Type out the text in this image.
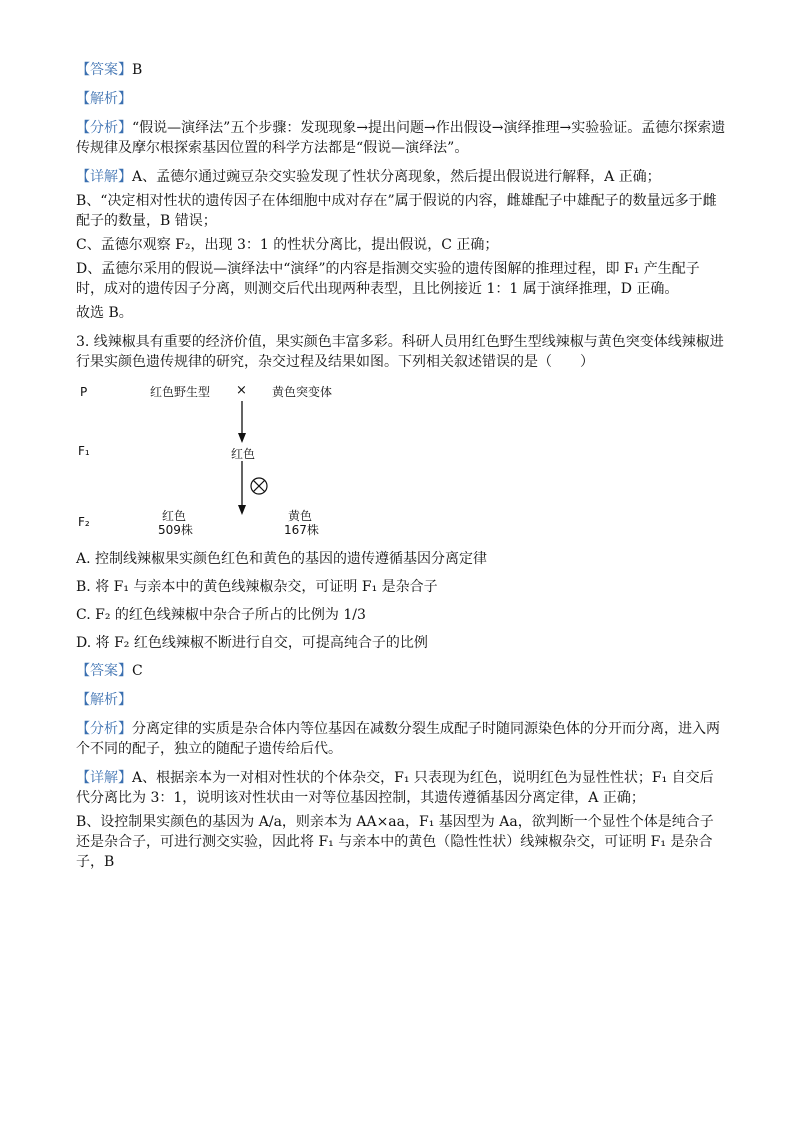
【答案】B

【解析】

【分析】“假说—演绎法”五个步骤：发现现象→提出问题→作出假设→演绎推理→实验验证。孟德尔探索遗传规律及摩尔根探索基因位置的科学方法都是“假说—演绎法”。

【详解】A、孟德尔通过豌豆杂交实验发现了性状分离现象，然后提出假说进行解释，A 正确；

B、“决定相对性状的遗传因子在体细胞中成对存在”属于假说的内容，雌雄配子中雄配子的数量远多于雌配子的数量，B 错误；

C、孟德尔观察 F₂，出现 3：1 的性状分离比，提出假说，C 正确；

D、孟德尔采用的假说—演绎法中“演绎”的内容是指测交实验的遗传图解的推理过程，即 F₁ 产生配子时，成对的遗传因子分离，则测交后代出现两种表型，且比例接近 1：1 属于演绎推理，D 正确。

故选 B。

3. 线辣椒具有重要的经济价值，果实颜色丰富多彩。科研人员用红色野生型线辣椒与黄色突变体线辣椒进行果实颜色遗传规律的研究，杂交过程及结果如图。下列相关叙述错误的是（　　）

P	红色野生型 × 黄色突变体
F₁	红色
F₂	红色
509株
黄色
167株

A. 控制线辣椒果实颜色红色和黄色的基因的遗传遵循基因分离定律

B. 将 F₁ 与亲本中的黄色线辣椒杂交，可证明 F₁ 是杂合子

C. F₂ 的红色线辣椒中杂合子所占的比例为 1/3

D. 将 F₂ 红色线辣椒不断进行自交，可提高纯合子的比例

【答案】C

【解析】

【分析】分离定律的实质是杂合体内等位基因在减数分裂生成配子时随同源染色体的分开而分离，进入两个不同的配子，独立的随配子遗传给后代。

【详解】A、根据亲本为一对相对性状的个体杂交，F₁ 只表现为红色，说明红色为显性性状；F₁ 自交后代分离比为 3：1，说明该对性状由一对等位基因控制，其遗传遵循基因分离定律，A 正确；

B、设控制果实颜色的基因为 A/a，则亲本为 AA×aa，F₁ 基因型为 Aa，欲判断一个显性个体是纯合子还是杂合子，可进行测交实验，因此将 F₁ 与亲本中的黄色（隐性性状）线辣椒杂交，可证明 F₁ 是杂合子，B
